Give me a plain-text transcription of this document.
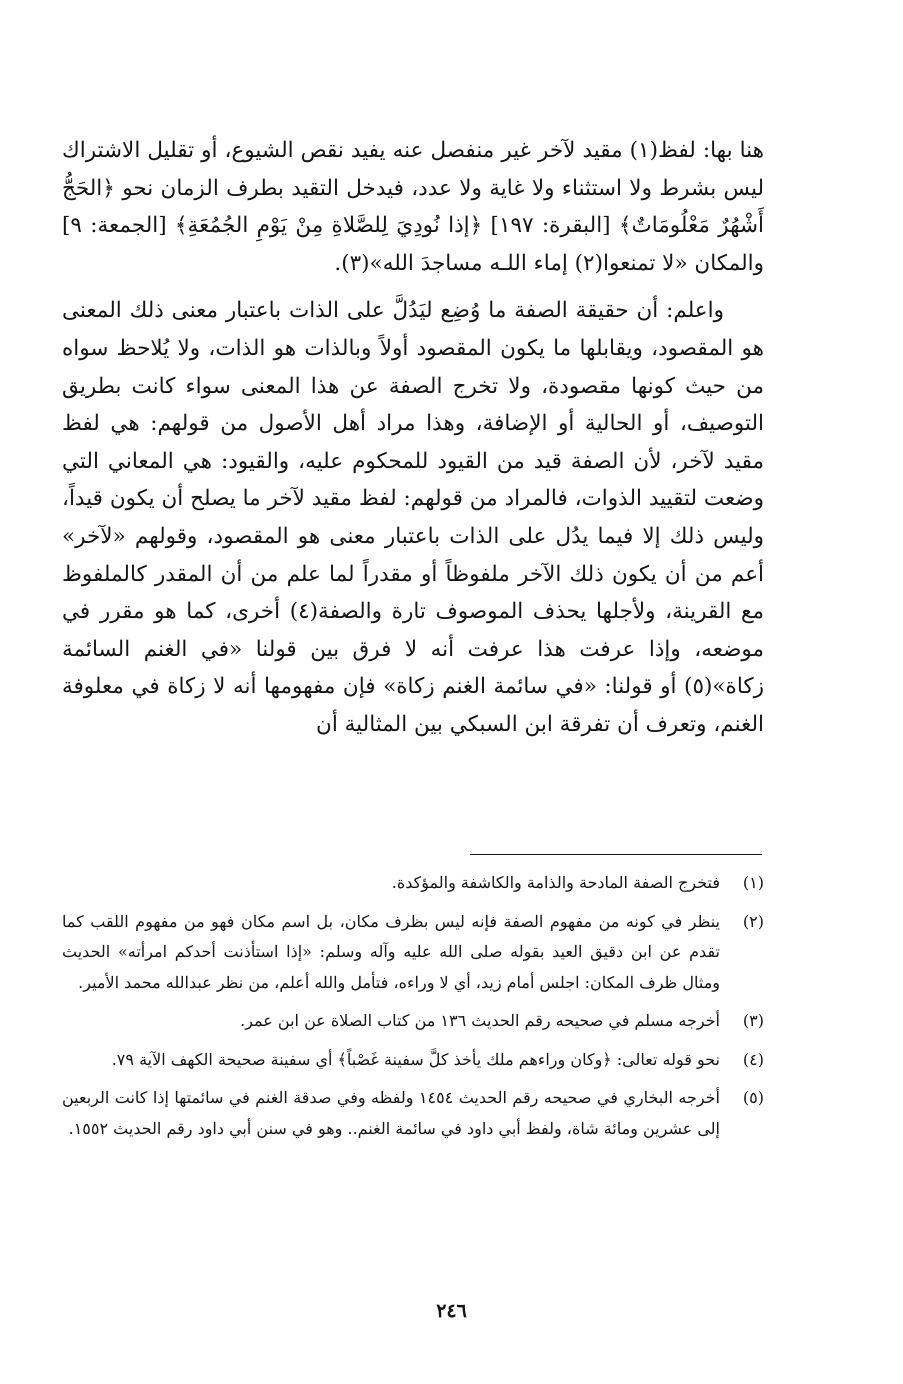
هنا بها: لفظ(١) مقيد لآخر غير منفصل عنه يفيد نقص الشيوع، أو تقليل الاشتراك ليس بشرط ولا استثناء ولا غاية ولا عدد، فيدخل التقيد بطرف الزمان نحو ﴿الحَجُّ أَشْهُرٌ مَعْلُومَاتٌ﴾ [البقرة: ١٩٧] ﴿إذا نُودِيَ لِلصَّلاةِ مِنْ يَوْمِ الجُمُعَةِ﴾ [الجمعة: ٩] والمكان «لا تمنعوا(٢) إماء اللـه مساجدَ الله»(٣).

واعلم: أن حقيقة الصفة ما وُضِع ليَدُلَّ على الذات باعتبار معنى ذلك المعنى هو المقصود، ويقابلها ما يكون المقصود أولاً وبالذات هو الذات، ولا يُلاحظ سواه من حيث كونها مقصودة، ولا تخرج الصفة عن هذا المعنى سواء كانت بطريق التوصيف، أو الحالية أو الإضافة، وهذا مراد أهل الأصول من قولهم: هي لفظ مقيد لآخر، لأن الصفة قيد من القيود للمحكوم عليه، والقيود: هي المعاني التي وضعت لتقييد الذوات، فالمراد من قولهم: لفظ مقيد لآخر ما يصلح أن يكون قيداً، وليس ذلك إلا فيما يدُل على الذات باعتبار معنى هو المقصود، وقولهم «لآخر» أعم من أن يكون ذلك الآخر ملفوظاً أو مقدراً لما علم من أن المقدر كالملفوظ مع القرينة، ولأجلها يحذف الموصوف تارة والصفة(٤) أخرى، كما هو مقرر في موضعه، وإذا عرفت هذا عرفت أنه لا فرق بين قولنا «في الغنم السائمة زكاة»(٥) أو قولنا: «في سائمة الغنم زكاة» فإن مفهومها أنه لا زكاة في معلوفة الغنم، وتعرف أن تفرقة ابن السبكي بين المثالية أن

(١)
فتخرج الصفة المادحة والذامة والكاشفة والمؤكدة.
(٢)
ينظر في كونه من مفهوم الصفة فإنه ليس بظرف مكان، بل اسم مكان فهو من مفهوم اللقب كما تقدم عن ابن دقيق العيد بقوله صلى الله عليه وآله وسلم: «إذا استأذنت أحدكم امرأته» الحديث ومثال ظرف المكان: اجلس أمام زيد، أي لا وراءه، فتأمل والله أعلم، من نظر عبدالله محمد الأمير.
(٣)
أخرجه مسلم في صحيحه رقم الحديث ١٣٦ من كتاب الصلاة عن ابن عمر.
(٤)
نحو قوله تعالى: ﴿وكان وراءهم ملك يأخذ كلَّ سفينة غَصْباً﴾ أي سفينة صحيحة الكهف الآية ٧٩.
(٥)
أخرجه البخاري في صحيحه رقم الحديث ١٤٥٤ ولفظه وفي صدقة الغنم في سائمتها إذا كانت الربعين إلى عشرين ومائة شاة، ولفظ أبي داود في سائمة الغنم.. وهو في سنن أبي داود رقم الحديث ١٥٥٢.
٢٤٦
